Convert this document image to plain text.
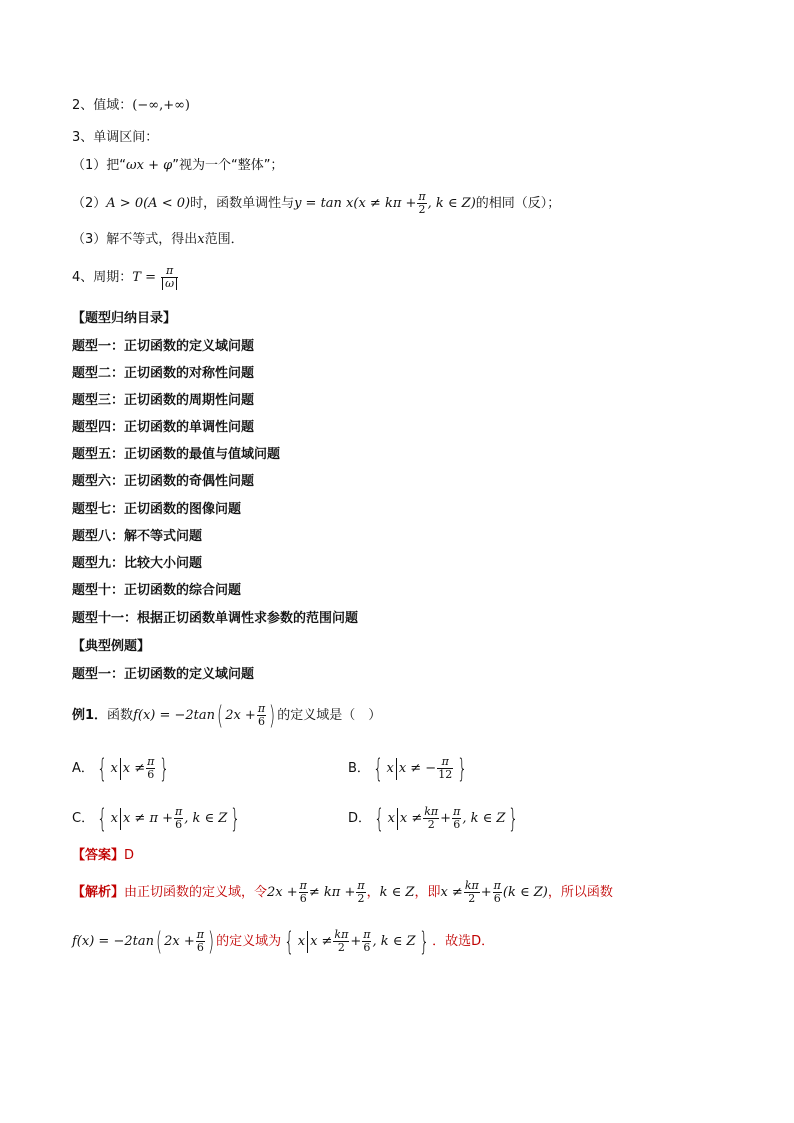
2、值域：(−∞,+∞)
3、单调区间：
（1）把“ωx + φ”视为一个“整体”；
（2）A > 0(A < 0)时，函数单调性与$y = \tan x(x \ne k\pi + \frac{\pi}{2}$ , k ∈ Z)的相同（反）；
（3）解不等式，得出x范围．
4、周期：$T = \frac{\pi}{\omega}$
【题型归纳目录】
题型一：正切函数的定义域问题
题型二：正切函数的对称性问题
题型三：正切函数的周期性问题
题型四：正切函数的单调性问题
题型五：正切函数的最值与值域问题
题型六：正切函数的奇偶性问题
题型七：正切函数的图像问题
题型八：解不等式问题
题型九：比较大小问题
题型十：正切函数的综合问题
题型十一：根据正切函数单调性求参数的范围问题
【典型例题】
题型一：正切函数的定义域问题
例1．函数f(x) = −2tan( $2x + \frac{\pi}{6}$ ) 的定义域是（　）
A． { x $x \ne \frac{\pi}{6}$ }	B． { x x ≠ − $\frac{\pi}{12}$ }
C． { x $x \ne \pi + \frac{\pi}{6}$ , k ∈ Z }	D． { x $x \ne \frac{k\pi}{2} + \frac{\pi}{6}$ , k ∈ Z }
【答案】D
【解析】由正切函数的定义域，令$2x + \frac{\pi}{6} \ne k\pi + \frac{\pi}{2}$ ，k ∈ Z，即$x \ne \frac{k\pi}{2} + \frac{\pi}{6} (k$ ∈ Z)，所以函数
f(x) = −2tan( $2x + \frac{\pi}{6}$ ) 的定义域为 { x $x \ne \frac{k\pi}{2} + \frac{\pi}{6}$ , k ∈ Z } ．故选D．
